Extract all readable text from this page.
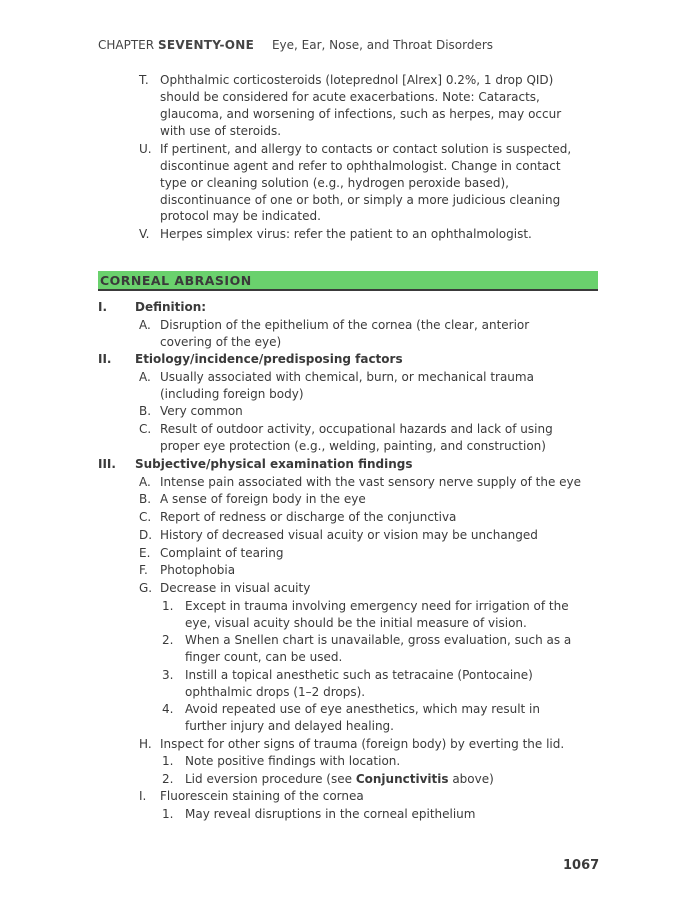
CHAPTER SEVENTY-ONE Eye, Ear, Nose, and Throat Disorders
T. Ophthalmic corticosteroids (loteprednol [Alrex] 0.2%, 1 drop QID)
should be considered for acute exacerbations. Note: Cataracts,
glaucoma, and worsening of infections, such as herpes, may occur
with use of steroids.
U. If pertinent, and allergy to contacts or contact solution is suspected,
discontinue agent and refer to ophthalmologist. Change in contact
type or cleaning solution (e.g., hydrogen peroxide based),
discontinuance of one or both, or simply a more judicious cleaning
protocol may be indicated.
V. Herpes simplex virus: refer the patient to an ophthalmologist.
CORNEAL ABRASION
I. Definition:
A. Disruption of the epithelium of the cornea (the clear, anterior
covering of the eye)
II. Etiology/incidence/predisposing factors
A. Usually associated with chemical, burn, or mechanical trauma
(including foreign body)
B. Very common
C. Result of outdoor activity, occupational hazards and lack of using
proper eye protection (e.g., welding, painting, and construction)
III. Subjective/physical examination findings
A. Intense pain associated with the vast sensory nerve supply of the eye
B. A sense of foreign body in the eye
C. Report of redness or discharge of the conjunctiva
D. History of decreased visual acuity or vision may be unchanged
E. Complaint of tearing
F. Photophobia
G. Decrease in visual acuity
1. Except in trauma involving emergency need for irrigation of the
eye, visual acuity should be the initial measure of vision.
2. When a Snellen chart is unavailable, gross evaluation, such as a
finger count, can be used.
3. Instill a topical anesthetic such as tetracaine (Pontocaine)
ophthalmic drops (1–2 drops).
4. Avoid repeated use of eye anesthetics, which may result in
further injury and delayed healing.
H. Inspect for other signs of trauma (foreign body) by everting the lid.
1. Note positive findings with location.
2. Lid eversion procedure (see Conjunctivitis above)
I. Fluorescein staining of the cornea
1. May reveal disruptions in the corneal epithelium
1067
